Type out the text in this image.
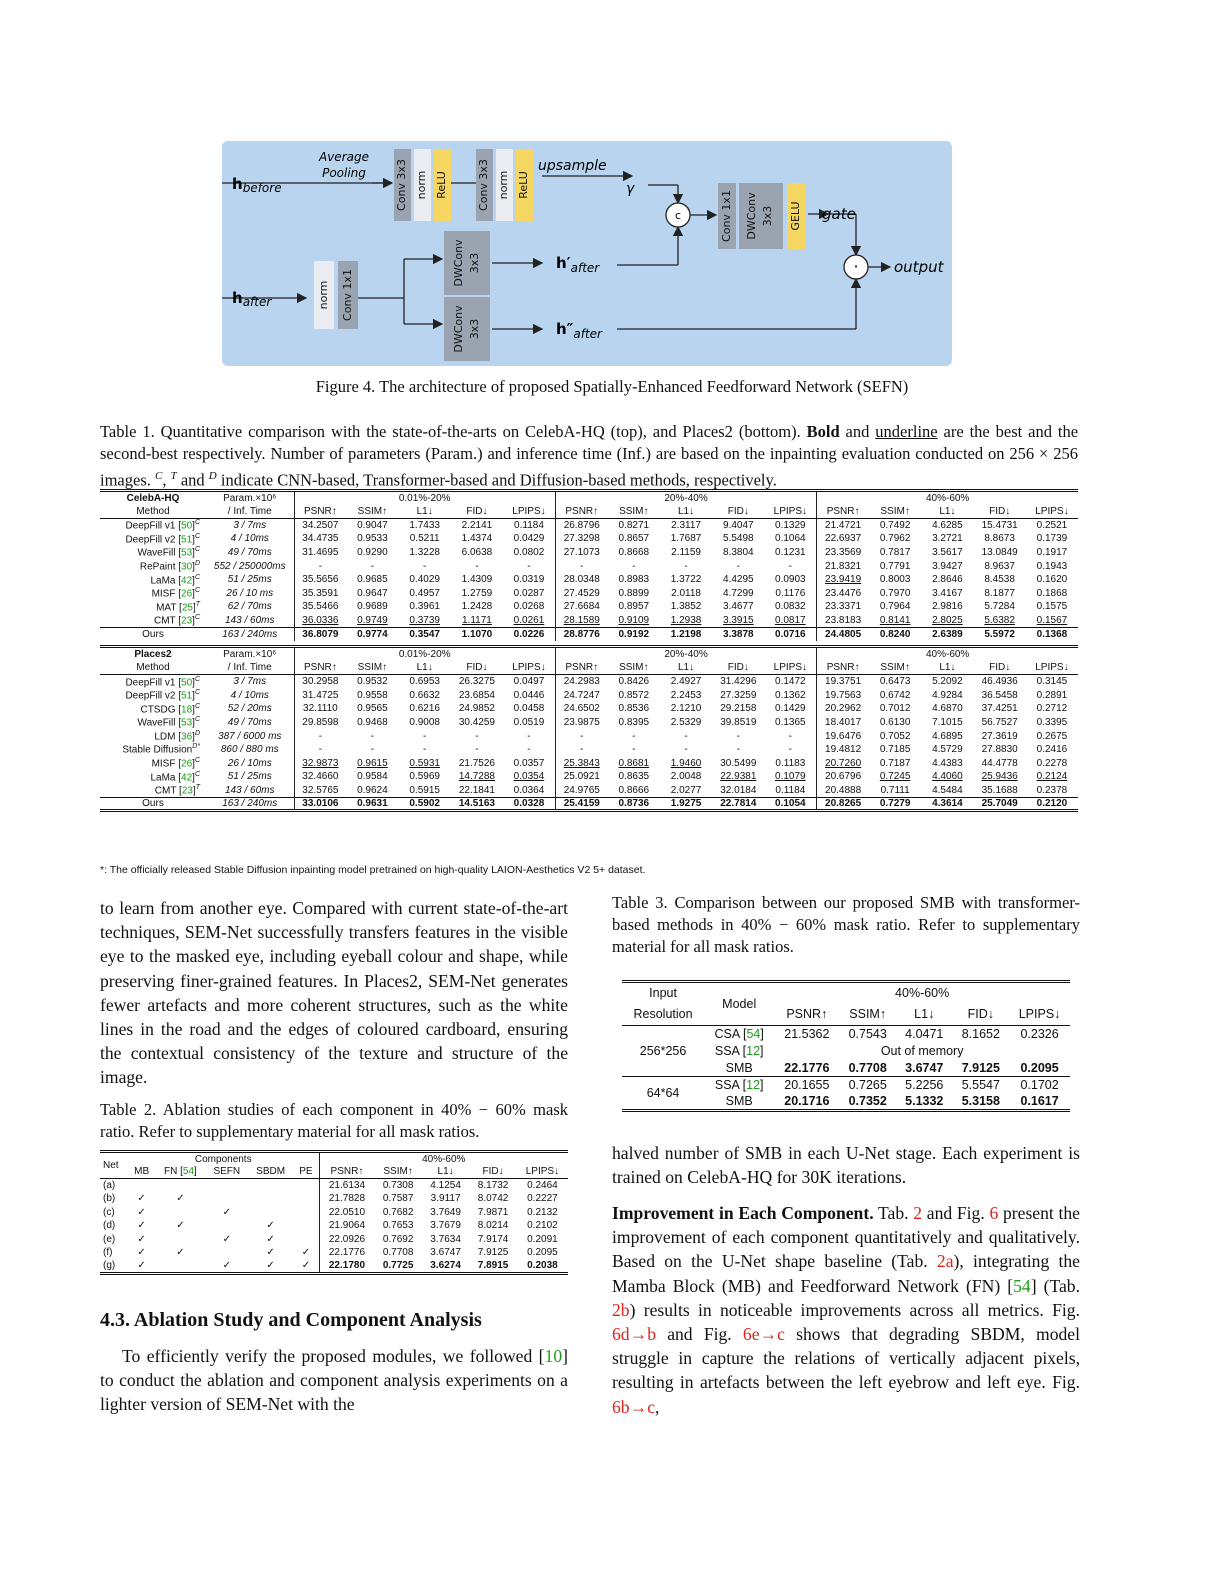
Conv 3x3 norm ReLU	Conv 3x3 norm ReLU
norm Conv 1x1
DWConv 3x3
DWConv 3x3
Conv 1x1 DWConv 3x3 GELU
c
·
$h_{before}$
$h_{after}$
Average
Pooling	upsample
γ
gate
output
$h'_{after}$
$h''_{after}$
Figure 4. The architecture of proposed Spatially-Enhanced Feedforward Network (SEFN)
Table 1. Quantitative comparison with the state-of-the-arts on CelebA-HQ (top), and Places2 (bottom). Bold and underline are the best and the second-best respectively. Number of parameters (Param.) and inference time (Inf.) are based on the inpainting evaluation conducted on 256 × 256 images. $^C$, $^T$ and $^D$ indicate CNN-based, Transformer-based and Diffusion-based methods, respectively.
CelebA-HQ	Param.×10⁶	0.01%-20%					20%-40%					40%-60%				
Method	/ Inf. Time	PSNR↑	SSIM↑	L1↓	FID↓	LPIPS↓	PSNR↑	SSIM↑	L1↓	FID↓	LPIPS↓	PSNR↑	SSIM↑	L1↓	FID↓	LPIPS↓
DeepFill v1 $[50]^C$	3 / 7ms	34.2507	0.9047	1.7433	2.2141	0.1184	26.8796	0.8271	2.3117	9.4047	0.1329	21.4721	0.7492	4.6285	15.4731	0.2521
DeepFill v2 $[51]^C$	4 / 10ms	34.4735	0.9533	0.5211	1.4374	0.0429	27.3298	0.8657	1.7687	5.5498	0.1064	22.6937	0.7962	3.2721	8.8673	0.1739
WaveFill $[53]^C$	49 / 70ms	31.4695	0.9290	1.3228	6.0638	0.0802	27.1073	0.8668	2.1159	8.3804	0.1231	23.3569	0.7817	3.5617	13.0849	0.1917
RePaint $[30]^D$	552 / 250000ms	-	-	-	-	-	-	-	-	-	-	21.8321	0.7791	3.9427	8.9637	0.1943
LaMa $[42]^C$	51 / 25ms	35.5656	0.9685	0.4029	1.4309	0.0319	28.0348	0.8983	1.3722	4.4295	0.0903	23.9419	0.8003	2.8646	8.4538	0.1620
MISF $[26]^C$	26 / 10 ms	35.3591	0.9647	0.4957	1.2759	0.0287	27.4529	0.8899	2.0118	4.7299	0.1176	23.4476	0.7970	3.4167	8.1877	0.1868
MAT $[25]^T$	62 / 70ms	35.5466	0.9689	0.3961	1.2428	0.0268	27.6684	0.8957	1.3852	3.4677	0.0832	23.3371	0.7964	2.9816	5.7284	0.1575
CMT $[23]^C$	143 / 60ms	36.0336	0.9749	0.3739	1.1171	0.0261	28.1589	0.9109	1.2938	3.3915	0.0817	23.8183	0.8141	2.8025	5.6382	0.1567
Ours	163 / 240ms	36.8079	0.9774	0.3547	1.1070	0.0226	28.8776	0.9192	1.2198	3.3878	0.0716	24.4805	0.8240	2.6389	5.5972	0.1368

Places2	Param.×10⁶	0.01%-20%					20%-40%					40%-60%				
Method	/ Inf. Time	PSNR↑	SSIM↑	L1↓	FID↓	LPIPS↓	PSNR↑	SSIM↑	L1↓	FID↓	LPIPS↓	PSNR↑	SSIM↑	L1↓	FID↓	LPIPS↓
DeepFill v1 $[50]^C$	3 / 7ms	30.2958	0.9532	0.6953	26.3275	0.0497	24.2983	0.8426	2.4927	31.4296	0.1472	19.3751	0.6473	5.2092	46.4936	0.3145
DeepFill v2 $[51]^C$	4 / 10ms	31.4725	0.9558	0.6632	23.6854	0.0446	24.7247	0.8572	2.2453	27.3259	0.1362	19.7563	0.6742	4.9284	36.5458	0.2891
CTSDG $[18]^C$	52 / 20ms	32.1110	0.9565	0.6216	24.9852	0.0458	24.6502	0.8536	2.1210	29.2158	0.1429	20.2962	0.7012	4.6870	37.4251	0.2712
WaveFill $[53]^C$	49 / 70ms	29.8598	0.9468	0.9008	30.4259	0.0519	23.9875	0.8395	2.5329	39.8519	0.1365	18.4017	0.6130	7.1015	56.7527	0.3395
LDM $[36]^D$	387 / 6000 ms	-	-	-	-	-	-	-	-	-	-	19.6476	0.7052	4.6895	27.3619	0.2675
Stable Diffusion$^{D*}$	860 / 880 ms	-	-	-	-	-	-	-	-	-	-	19.4812	0.7185	4.5729	27.8830	0.2416
MISF $[26]^C$	26 / 10ms	32.9873	0.9615	0.5931	21.7526	0.0357	25.3843	0.8681	1.9460	30.5499	0.1183	20.7260	0.7187	4.4383	44.4778	0.2278
LaMa $[42]^C$	51 / 25ms	32.4660	0.9584	0.5969	14.7288	0.0354	25.0921	0.8635	2.0048	22.9381	0.1079	20.6796	0.7245	4.4060	25.9436	0.2124
CMT $[23]^T$	143 / 60ms	32.5765	0.9624	0.5915	22.1841	0.0364	24.9765	0.8666	2.0277	32.0184	0.1184	20.4888	0.7111	4.5484	35.1688	0.2378
Ours	163 / 240ms	33.0106	0.9631	0.5902	14.5163	0.0328	25.4159	0.8736	1.9275	22.7814	0.1054	20.8265	0.7279	4.3614	25.7049	0.2120
*: The officially released Stable Diffusion inpainting model pretrained on high-quality LAION-Aesthetics V2 5+ dataset.
to learn from another eye. Compared with current state-of-the-art techniques, SEM-Net successfully transfers features in the visible eye to the masked eye, including eyeball colour and shape, while preserving finer-grained features. In Places2, SEM-Net generates fewer artefacts and more coherent structures, such as the white lines in the road and the edges of coloured cardboard, ensuring the contextual consistency of the texture and structure of the image.
Table 2. Ablation studies of each component in 40% − 60% mask ratio. Refer to supplementary material for all mask ratios.
Net	Components					40%-60%				
	MB	FN [54]	SEFN	SBDM	PE	PSNR↑	SSIM↑	L1↓	FID↓	LPIPS↓
(a)						21.6134	0.7308	4.1254	8.1732	0.2464
(b)	✓	✓				21.7828	0.7587	3.9117	8.0742	0.2227
(c)	✓		✓			22.0510	0.7682	3.7649	7.9871	0.2132
(d)	✓	✓		✓		21.9064	0.7653	3.7679	8.0214	0.2102
(e)	✓		✓	✓		22.0926	0.7692	3.7634	7.9174	0.2091
(f)	✓	✓		✓	✓	22.1776	0.7708	3.6747	7.9125	0.2095
(g)	✓		✓	✓	✓	22.1780	0.7725	3.6274	7.8915	0.2038
4.3. Ablation Study and Component Analysis
To efficiently verify the proposed modules, we followed [10] to conduct the ablation and component analysis experiments on a lighter version of SEM-Net with the
Table 3. Comparison between our proposed SMB with transformer-based methods in 40% − 60% mask ratio. Refer to supplementary material for all mask ratios.
Input	Model	40%-60%				
Resolution		PSNR↑	SSIM↑	L1↓	FID↓	LPIPS↓
256*256	CSA [54]	21.5362	0.7543	4.0471	8.1652	0.2326
	SSA [12]	Out of memory				
	SMB	22.1776	0.7708	3.6747	7.9125	0.2095
64*64	SSA [12]	20.1655	0.7265	5.2256	5.5547	0.1702
	SMB	20.1716	0.7352	5.1332	5.3158	0.1617
halved number of SMB in each U-Net stage. Each experiment is trained on CelebA-HQ for 30K iterations.
Improvement in Each Component. Tab. 2 and Fig. 6 present the improvement of each component quantitatively and qualitatively. Based on the U-Net shape baseline (Tab. 2a), integrating the Mamba Block (MB) and Feedforward Network (FN) [54] (Tab. 2b) results in noticeable improvements across all metrics. Fig. 6d→b and Fig. 6e→c shows that degrading SBDM, model struggle in capture the relations of vertically adjacent pixels, resulting in artefacts between the left eyebrow and left eye. Fig. 6b→c,
